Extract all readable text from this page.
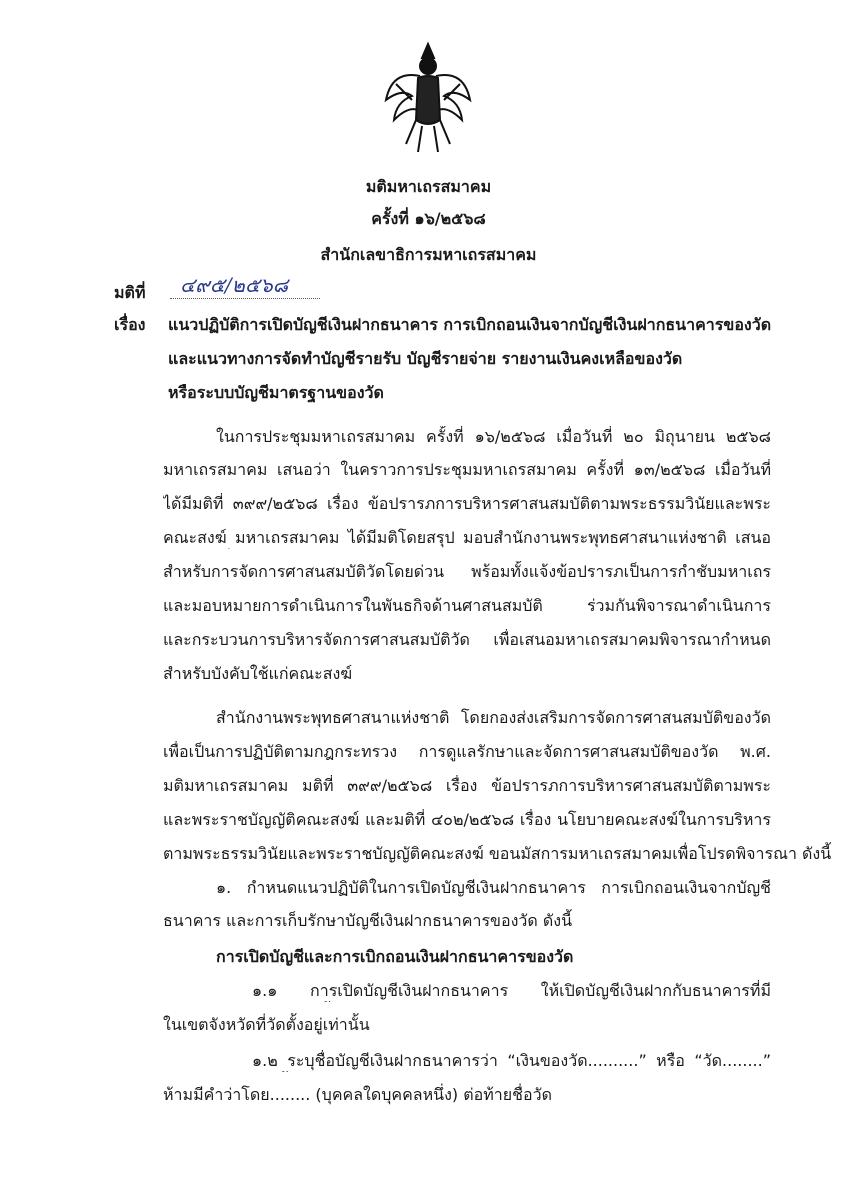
มติมหาเถรสมาคม
ครั้งที่ ๑๖/๒๕๖๘
สำนักเลขาธิการมหาเถรสมาคม
มติที่ ๔๙๕/๒๕๖๘
เรื่อง แนวปฏิบัติการเปิดบัญชีเงินฝากธนาคาร การเบิกถอนเงินจากบัญชีเงินฝากธนาคารของวัด
และแนวทางการจัดทำบัญชีรายรับ บัญชีรายจ่าย รายงานเงินคงเหลือของวัด
หรือระบบบัญชีมาตรฐานของวัด
ในการประชุมมหาเถรสมาคม ครั้งที่ ๑๖/๒๕๖๘ เมื่อวันที่ ๒๐ มิถุนายน ๒๕๖๘
มหาเถรสมาคม เสนอว่า ในคราวการประชุมมหาเถรสมาคม ครั้งที่ ๑๓/๒๕๖๘ เมื่อวันที่
ได้มีมติที่ ๓๙๙/๒๕๖๘ เรื่อง ข้อปรารภการบริหารศาสนสมบัติตามพระธรรมวินัยและพระ
คณะสงฆ์ มหาเถรสมาคม ได้มีมติโดยสรุป มอบสำนักงานพระพุทธศาสนาแห่งชาติ เสนอ
สำหรับการจัดการศาสนสมบัติวัดโดยด่วน พร้อมทั้งแจ้งข้อปรารภเป็นการกำชับมหาเถร
และมอบหมายการดำเนินการในพันธกิจด้านศาสนสมบัติ ร่วมกันพิจารณาดำเนินการ
และกระบวนการบริหารจัดการศาสนสมบัติวัด เพื่อเสนอมหาเถรสมาคมพิจารณากำหนด
สำหรับบังคับใช้แก่คณะสงฆ์
สำนักงานพระพุทธศาสนาแห่งชาติ โดยกองส่งเสริมการจัดการศาสนสมบัติของวัด
เพื่อเป็นการปฏิบัติตามกฎกระทรวง การดูแลรักษาและจัดการศาสนสมบัติของวัด พ.ศ.
มติมหาเถรสมาคม มติที่ ๓๙๙/๒๕๖๘ เรื่อง ข้อปรารภการบริหารศาสนสมบัติตามพระ
และพระราชบัญญัติคณะสงฆ์ และมติที่ ๔๐๒/๒๕๖๘ เรื่อง นโยบายคณะสงฆ์ในการบริหาร
ตามพระธรรมวินัยและพระราชบัญญัติคณะสงฆ์ ขอนมัสการมหาเถรสมาคมเพื่อโปรดพิจารณา ดังนี้
๑. กำหนดแนวปฏิบัติในการเปิดบัญชีเงินฝากธนาคาร การเบิกถอนเงินจากบัญชี
ธนาคาร และการเก็บรักษาบัญชีเงินฝากธนาคารของวัด ดังนี้
การเปิดบัญชีและการเบิกถอนเงินฝากธนาคารของวัด
๑.๑ การเปิดบัญชีเงินฝากธนาคาร ให้เปิดบัญชีเงินฝากกับธนาคารที่มี
ในเขตจังหวัดที่วัดตั้งอยู่เท่านั้น
๑.๒ ระบุชื่อบัญชีเงินฝากธนาคารว่า “เงินของวัด..........” หรือ “วัด........”
ห้ามมีคำว่าโดย........ (บุคคลใดบุคคลหนึ่ง) ต่อท้ายชื่อวัด
